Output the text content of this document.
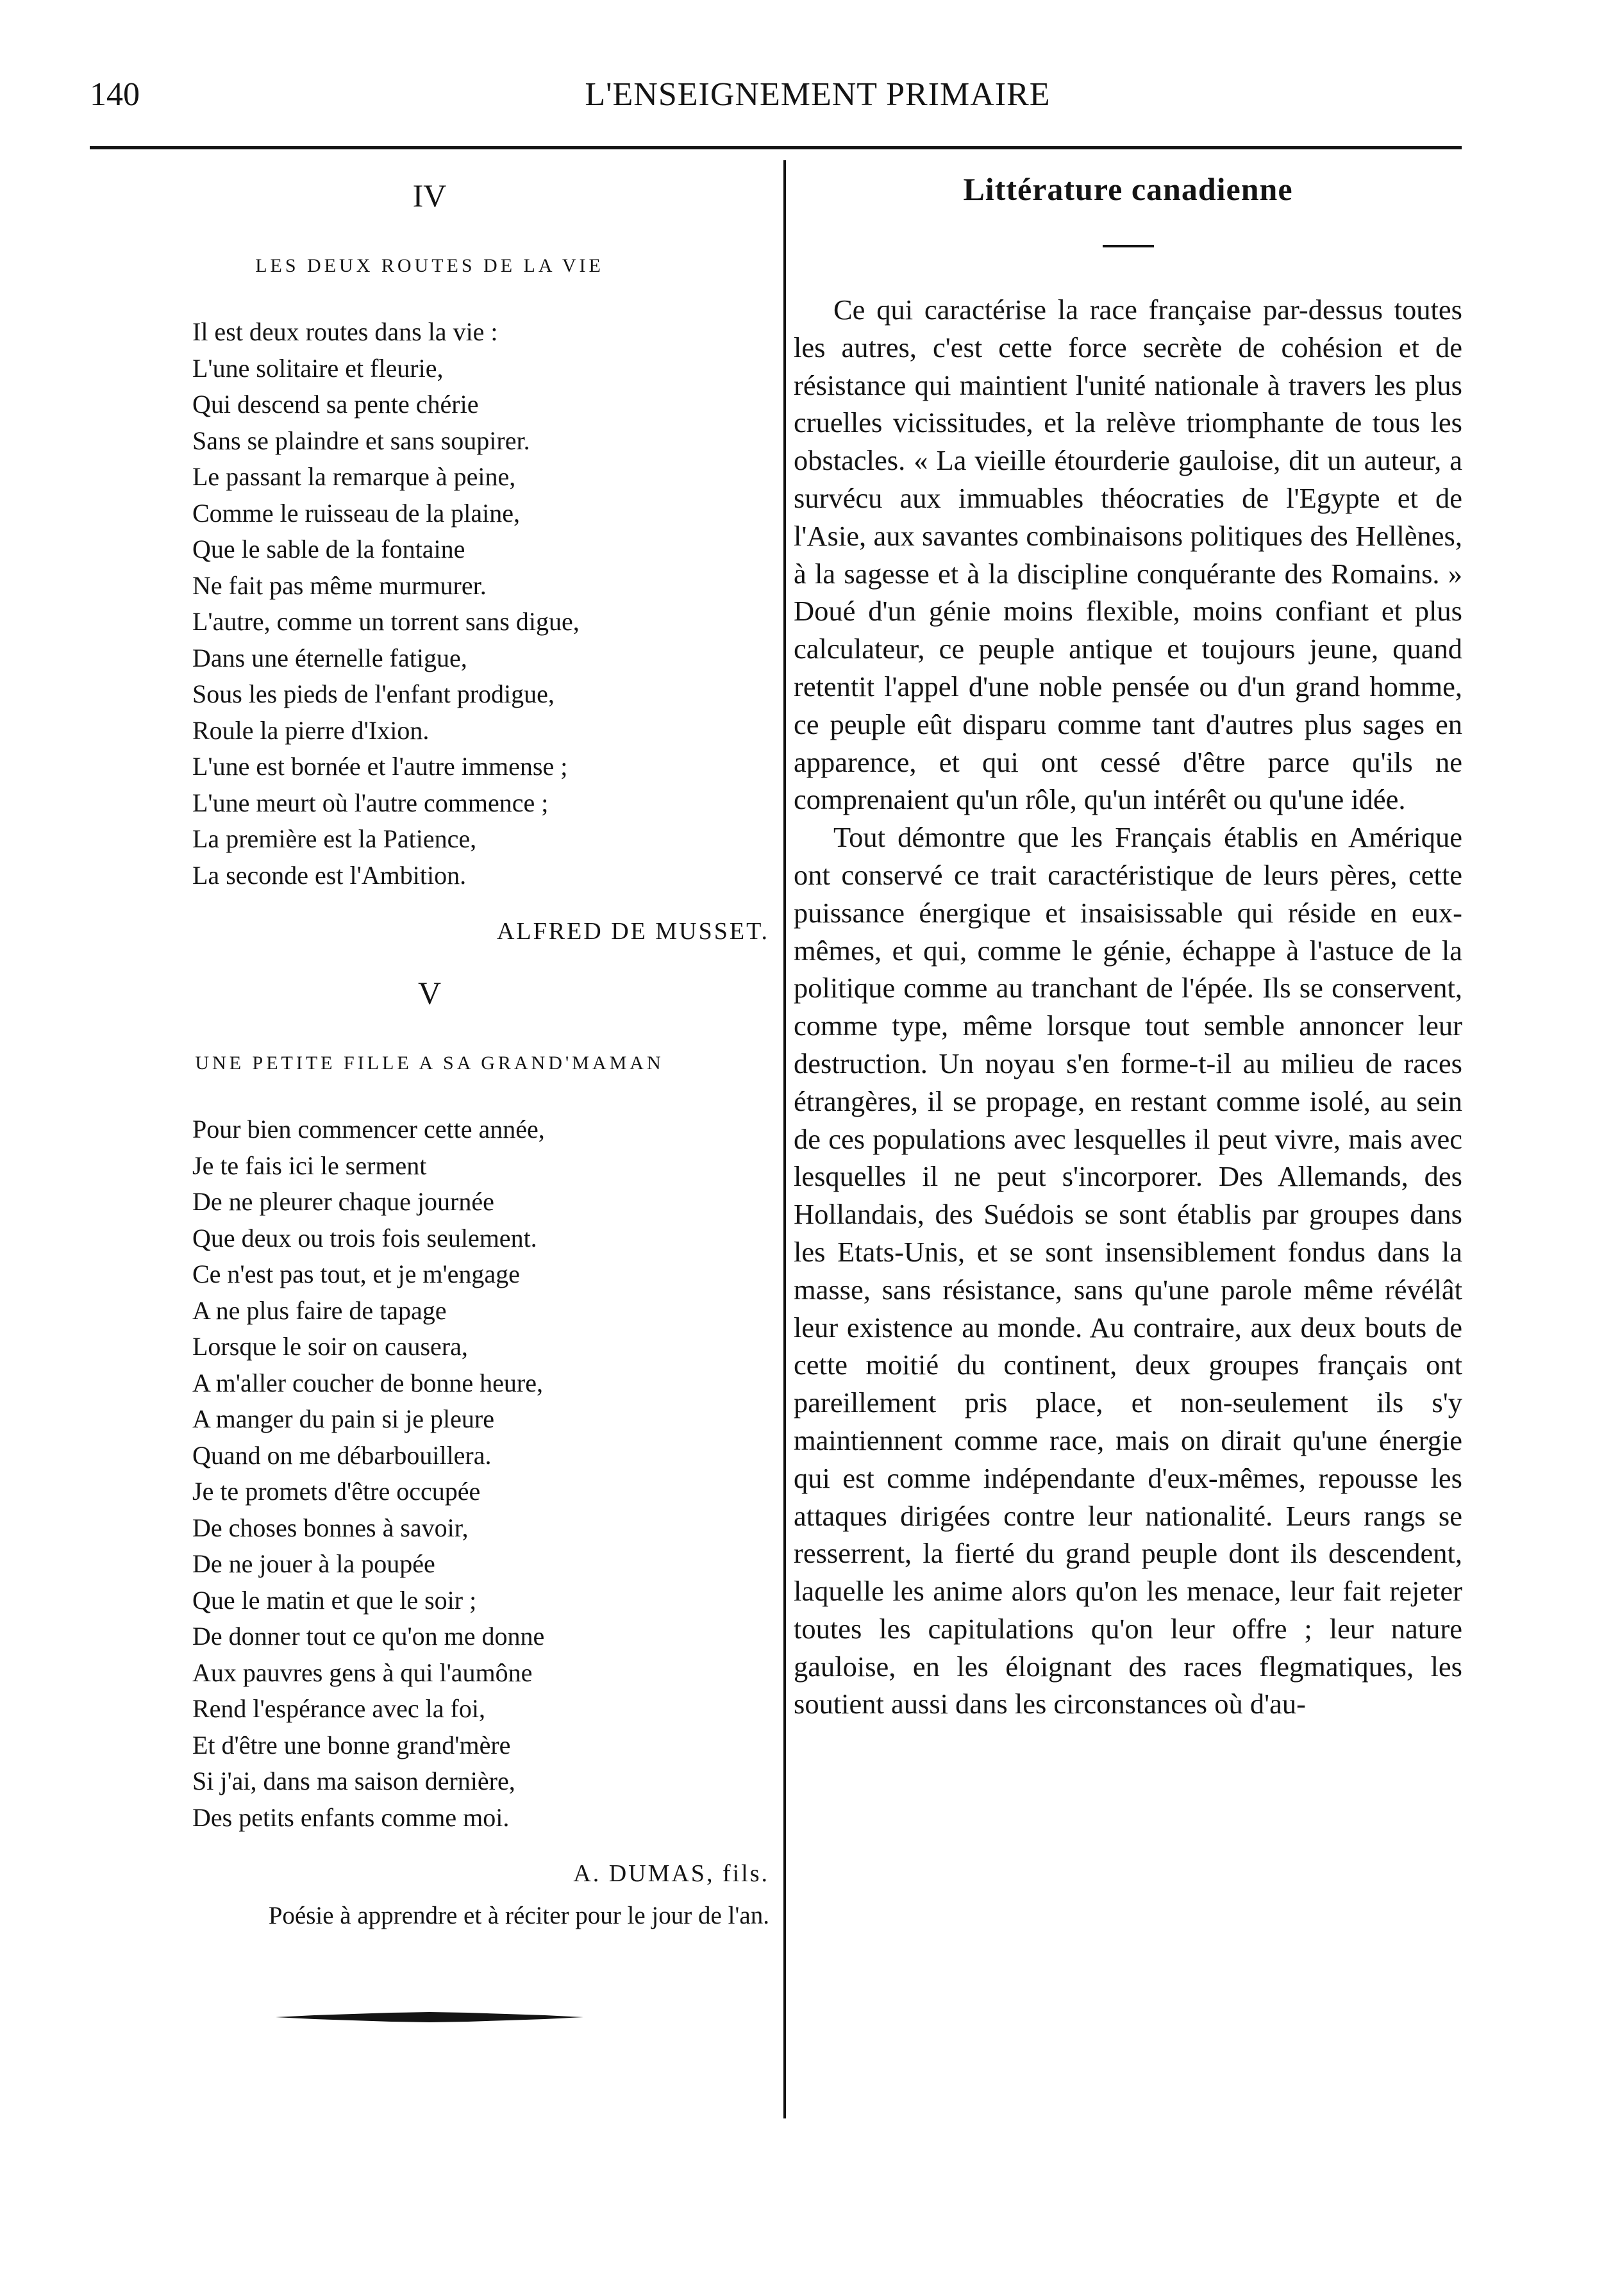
140	L'ENSEIGNEMENT PRIMAIRE
IV
LES DEUX ROUTES DE LA VIE
Il est deux routes dans la vie :
L'une solitaire et fleurie,
Qui descend sa pente chérie
Sans se plaindre et sans soupirer.
Le passant la remarque à peine,
Comme le ruisseau de la plaine,
Que le sable de la fontaine
Ne fait pas même murmurer.
L'autre, comme un torrent sans digue,
Dans une éternelle fatigue,
Sous les pieds de l'enfant prodigue,
Roule la pierre d'Ixion.
L'une est bornée et l'autre immense ;
L'une meurt où l'autre commence ;
La première est la Patience,
La seconde est l'Ambition.
ALFRED DE MUSSET.
V
UNE PETITE FILLE A SA GRAND'MAMAN
Pour bien commencer cette année,
Je te fais ici le serment
De ne pleurer chaque journée
Que deux ou trois fois seulement.
Ce n'est pas tout, et je m'engage
A ne plus faire de tapage
Lorsque le soir on causera,
A m'aller coucher de bonne heure,
A manger du pain si je pleure
Quand on me débarbouillera.
Je te promets d'être occupée
De choses bonnes à savoir,
De ne jouer à la poupée
Que le matin et que le soir ;
De donner tout ce qu'on me donne
Aux pauvres gens à qui l'aumône
Rend l'espérance avec la foi,
Et d'être une bonne grand'mère
Si j'ai, dans ma saison dernière,
Des petits enfants comme moi.
A. DUMAS, fils.
Poésie à apprendre et à réciter pour le jour de l'an.
Littérature canadienne

Ce qui caractérise la race française par-dessus toutes les autres, c'est cette force secrète de cohésion et de résistance qui maintient l'unité nationale à travers les plus cruelles vicissitudes, et la relève triomphante de tous les obstacles. « La vieille étourderie gauloise, dit un auteur, a survécu aux immuables théocraties de l'Egypte et de l'Asie, aux savantes combinaisons politiques des Hellènes, à la sagesse et à la discipline conquérante des Romains. » Doué d'un génie moins flexible, moins confiant et plus calculateur, ce peuple antique et toujours jeune, quand retentit l'appel d'une noble pensée ou d'un grand homme, ce peuple eût disparu comme tant d'autres plus sages en apparence, et qui ont cessé d'être parce qu'ils ne comprenaient qu'un rôle, qu'un intérêt ou qu'une idée.

Tout démontre que les Français établis en Amérique ont conservé ce trait caractéristique de leurs pères, cette puissance énergique et insaisissable qui réside en eux-mêmes, et qui, comme le génie, échappe à l'astuce de la politique comme au tranchant de l'épée. Ils se conservent, comme type, même lorsque tout semble annoncer leur destruction. Un noyau s'en forme-t-il au milieu de races étrangères, il se propage, en restant comme isolé, au sein de ces populations avec lesquelles il peut vivre, mais avec lesquelles il ne peut s'incorporer. Des Allemands, des Hollandais, des Suédois se sont établis par groupes dans les Etats-Unis, et se sont insensiblement fondus dans la masse, sans résistance, sans qu'une parole même révélât leur existence au monde. Au contraire, aux deux bouts de cette moitié du continent, deux groupes français ont pareillement pris place, et non-seulement ils s'y maintiennent comme race, mais on dirait qu'une énergie qui est comme indépendante d'eux-mêmes, repousse les attaques dirigées contre leur nationalité. Leurs rangs se resserrent, la fierté du grand peuple dont ils descendent, laquelle les anime alors qu'on les menace, leur fait rejeter toutes les capitulations qu'on leur offre ; leur nature gauloise, en les éloignant des races flegmatiques, les soutient aussi dans les circonstances où d'au-
